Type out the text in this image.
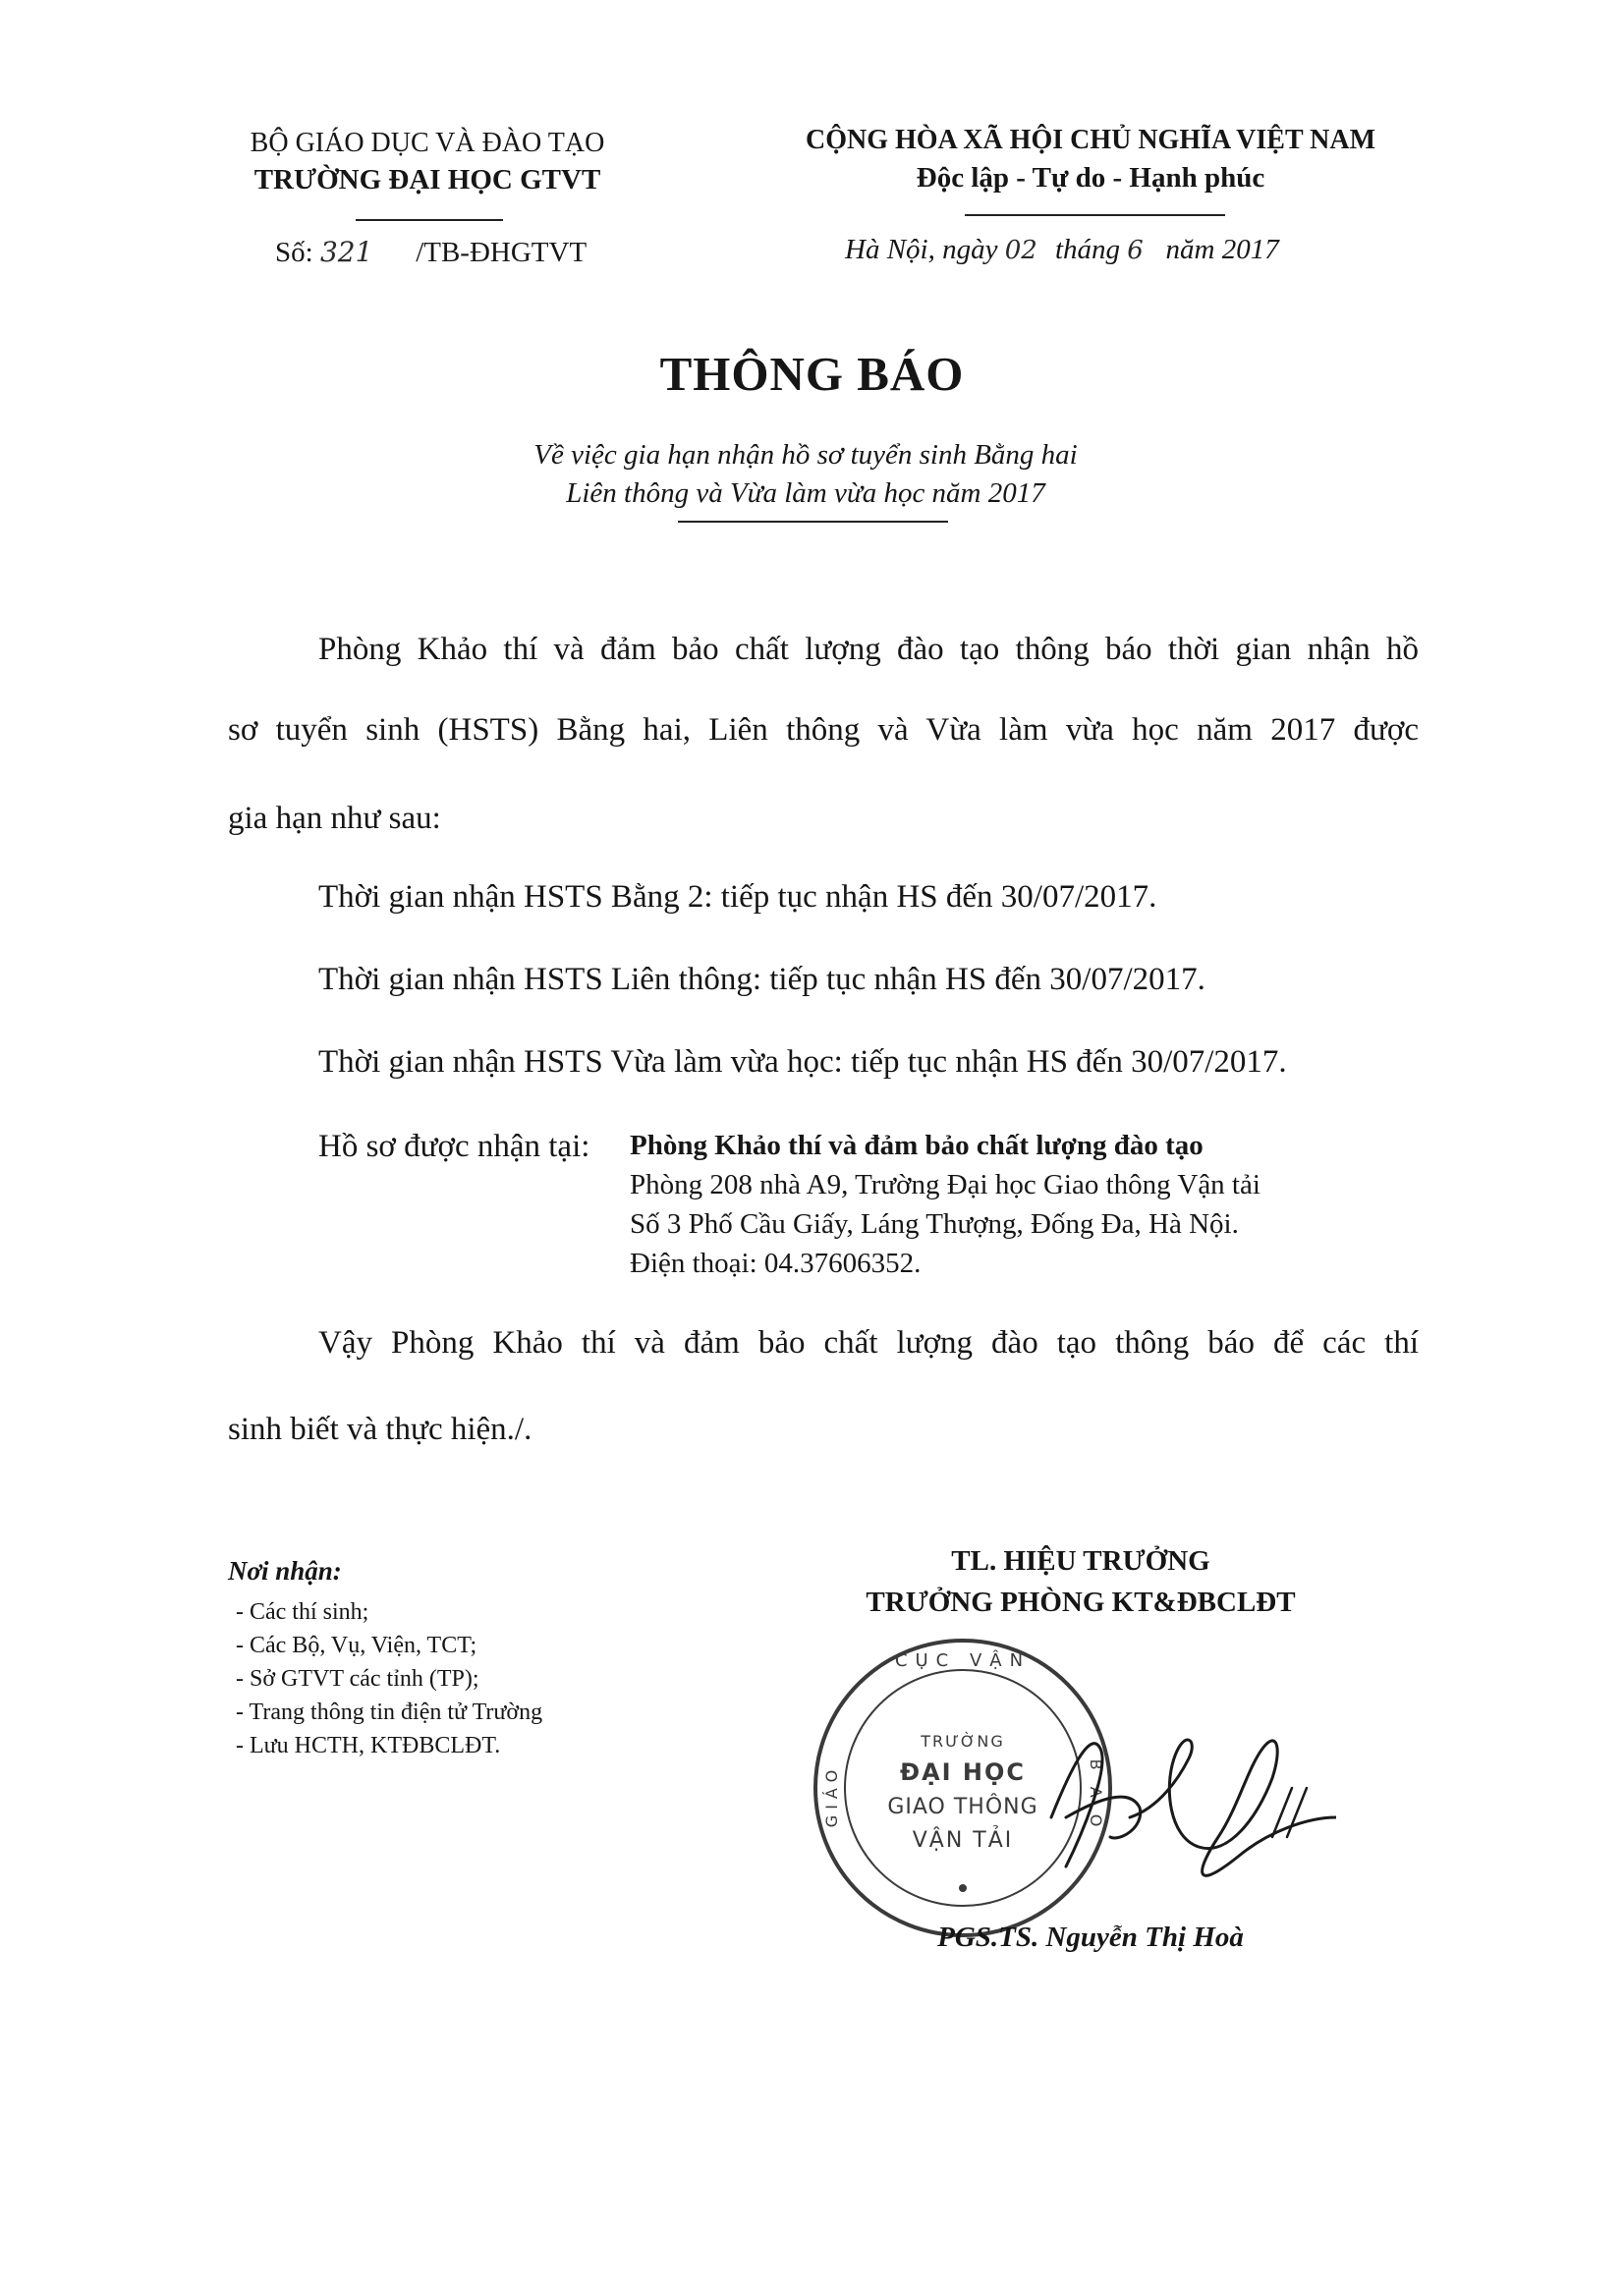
BỘ GIÁO DỤC VÀ ĐÀO TẠO
TRƯỜNG ĐẠI HỌC GTVT
Số: 321 /TB-ĐHGTVT
CỘNG HÒA XÃ HỘI CHỦ NGHĨA VIỆT NAM
Độc lập - Tự do - Hạnh phúc
Hà Nội, ngày 02 tháng 6 năm 2017
THÔNG BÁO
Về việc gia hạn nhận hồ sơ tuyển sinh Bằng hai
Liên thông và Vừa làm vừa học năm 2017
Phòng Khảo thí và đảm bảo chất lượng đào tạo thông báo thời gian nhận hồ
sơ tuyển sinh (HSTS) Bằng hai, Liên thông và Vừa làm vừa học năm 2017 được
gia hạn như sau:
Thời gian nhận HSTS Bằng 2: tiếp tục nhận HS đến 30/07/2017.
Thời gian nhận HSTS Liên thông: tiếp tục nhận HS đến 30/07/2017.
Thời gian nhận HSTS Vừa làm vừa học: tiếp tục nhận HS đến 30/07/2017.
Hồ sơ được nhận tại: Phòng Khảo thí và đảm bảo chất lượng đào tạo
Phòng 208 nhà A9, Trường Đại học Giao thông Vận tải
Số 3 Phố Cầu Giấy, Láng Thượng, Đống Đa, Hà Nội.
Điện thoại: 04.37606352.
Vậy Phòng Khảo thí và đảm bảo chất lượng đào tạo thông báo để các thí
sinh biết và thực hiện./.
Nơi nhận:
- Các thí sinh;
- Các Bộ, Vụ, Viện, TCT;
- Sở GTVT các tỉnh (TP);
- Trang thông tin điện tử Trường
- Lưu HCTH, KTĐBCLĐT.
TL. HIỆU TRƯỞNG
TRƯỞNG PHÒNG KT&ĐBCLĐT
TRƯỜNG
ĐẠI HỌC
GIAO THÔNG
VẬN TẢI
CỤC VẬN
GIÁO	B A O
PGS.TS. Nguyễn Thị Hoà
